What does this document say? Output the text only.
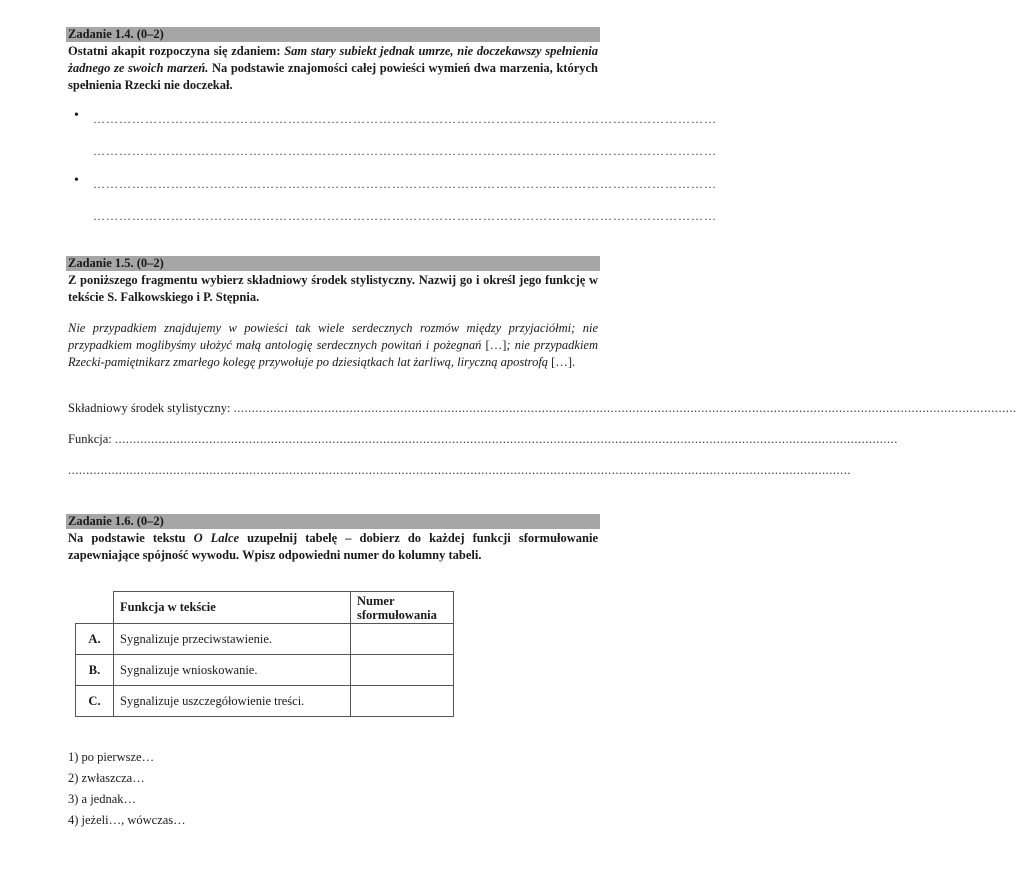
Zadanie 1.4. (0–2)
Ostatni akapit rozpoczyna się zdaniem: Sam stary subiekt jednak umrze, nie doczekawszy spełnienia żadnego ze swoich marzeń. Na podstawie znajomości całej powieści wymień dwa marzenia, których spełnienia Rzecki nie doczekał.
• ………………………………………………………………………………………………………………………………
………………………………………………………………………………………………………………………………
• ………………………………………………………………………………………………………………………………
………………………………………………………………………………………………………………………………
Zadanie 1.5. (0–2)
Z poniższego fragmentu wybierz składniowy środek stylistyczny. Nazwij go i określ jego funkcję w tekście S. Falkowskiego i P. Stępnia.
Nie przypadkiem znajdujemy w powieści tak wiele serdecznych rozmów między przyjaciółmi; nie przypadkiem moglibyśmy ułożyć małą antologię serdecznych powitań i pożegnań […]; nie przypadkiem Rzecki-pamiętnikarz zmarłego kolegę przywołuje po dziesiątkach lat żarliwą, liryczną apostrofą […].
Składniowy środek stylistyczny: ........................................................................................................................................................................................................................
Funkcja: ........................................................................................................................................................................................................................
........................................................................................................................................................................................................................
Zadanie 1.6. (0–2)
Na podstawie tekstu O Lalce uzupełnij tabelę – dobierz do każdej funkcji sformułowanie zapewniające spójność wywodu. Wpisz odpowiedni numer do kolumny tabeli.
	Funkcja w tekście	Numer sformułowania
A.	Sygnalizuje przeciwstawienie.	
B.	Sygnalizuje wnioskowanie.	
C.	Sygnalizuje uszczegółowienie treści.	
1) po pierwsze…
2) zwłaszcza…
3) a jednak…
4) jeżeli…, wówczas…
